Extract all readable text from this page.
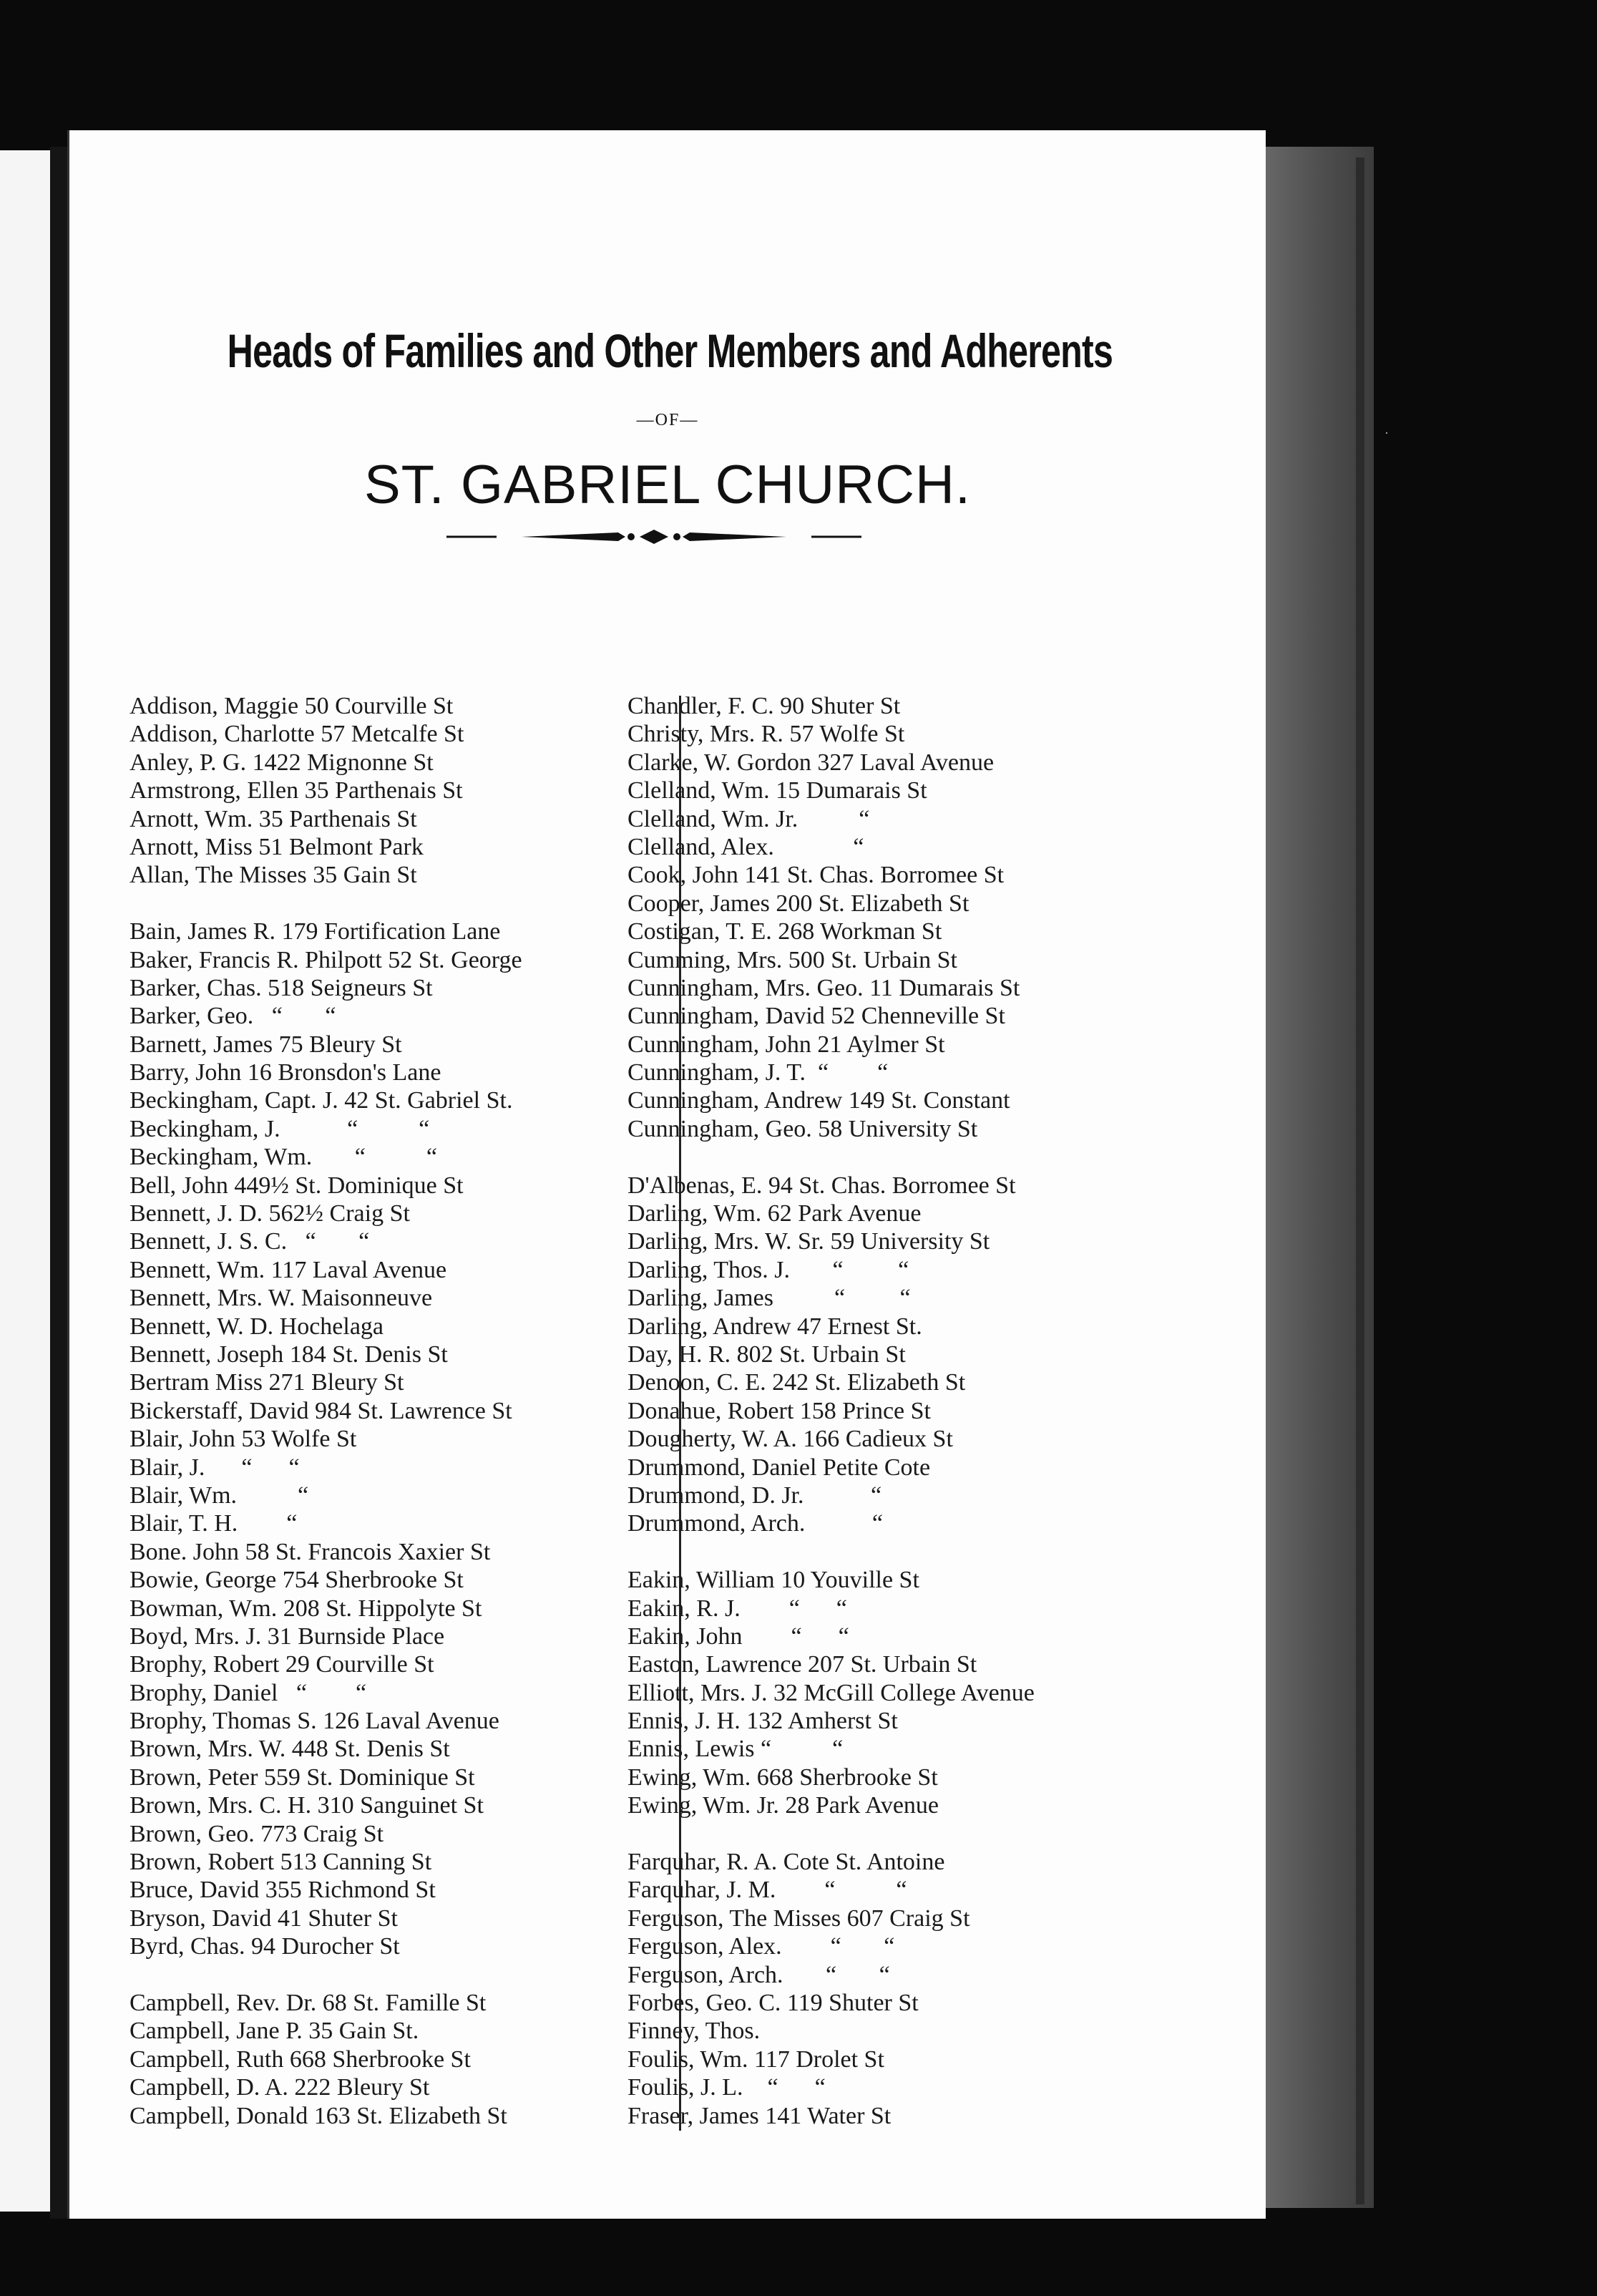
·
Heads of Families and Other Members and Adherents
—OF—
ST. GABRIEL CHURCH.
Addison, Maggie 50 Courville St
Addison, Charlotte 57 Metcalfe St
Anley, P. G. 1422 Mignonne St
Armstrong, Ellen 35 Parthenais St
Arnott, Wm. 35 Parthenais St
Arnott, Miss 51 Belmont Park
Allan, The Misses 35 Gain St
Bain, James R. 179 Fortification Lane
Baker, Francis R. Philpott 52 St. George
Barker, Chas. 518 Seigneurs St
Barker, Geo.   “       “
Barnett, James 75 Bleury St
Barry, John 16 Bronsdon's Lane
Beckingham, Capt. J. 42 St. Gabriel St.
Beckingham, J.           “          “
Beckingham, Wm.       “          “
Bell, John 449½ St. Dominique St
Bennett, J. D. 562½ Craig St
Bennett, J. S. C.   “       “
Bennett, Wm. 117 Laval Avenue
Bennett, Mrs. W. Maisonneuve
Bennett, W. D. Hochelaga
Bennett, Joseph 184 St. Denis St
Bertram Miss 271 Bleury St
Bickerstaff, David 984 St. Lawrence St
Blair, John 53 Wolfe St
Blair, J.      “      “
Blair, Wm.          “
Blair, T. H.        “
Bone. John 58 St. Francois Xaxier St
Bowie, George 754 Sherbrooke St
Bowman, Wm. 208 St. Hippolyte St
Boyd, Mrs. J. 31 Burnside Place
Brophy, Robert 29 Courville St
Brophy, Daniel   “        “
Brophy, Thomas S. 126 Laval Avenue
Brown, Mrs. W. 448 St. Denis St
Brown, Peter 559 St. Dominique St
Brown, Mrs. C. H. 310 Sanguinet St
Brown, Geo. 773 Craig St
Brown, Robert 513 Canning St
Bruce, David 355 Richmond St
Bryson, David 41 Shuter St
Byrd, Chas. 94 Durocher St
Campbell, Rev. Dr. 68 St. Famille St
Campbell, Jane P. 35 Gain St.
Campbell, Ruth 668 Sherbrooke St
Campbell, D. A. 222 Bleury St
Campbell, Donald 163 St. Elizabeth St
Chandler, F. C. 90 Shuter St
Christy, Mrs. R. 57 Wolfe St
Clarke, W. Gordon 327 Laval Avenue
Clelland, Wm. 15 Dumarais St
Clelland, Wm. Jr.          “
Clelland, Alex.             “
Cook, John 141 St. Chas. Borromee St
Cooper, James 200 St. Elizabeth St
Costigan, T. E. 268 Workman St
Cumming, Mrs. 500 St. Urbain St
Cunningham, Mrs. Geo. 11 Dumarais St
Cunningham, David 52 Chenneville St
Cunningham, John 21 Aylmer St
Cunningham, J. T.  “        “
Cunningham, Andrew 149 St. Constant
Cunningham, Geo. 58 University St
D'Albenas, E. 94 St. Chas. Borromee St
Darling, Wm. 62 Park Avenue
Darling, Mrs. W. Sr. 59 University St
Darling, Thos. J.       “         “
Darling, James          “         “
Darling, Andrew 47 Ernest St.
Day, H. R. 802 St. Urbain St
Denoon, C. E. 242 St. Elizabeth St
Donahue, Robert 158 Prince St
Dougherty, W. A. 166 Cadieux St
Drummond, Daniel Petite Cote
Drummond, D. Jr.           “
Drummond, Arch.           “
Eakin, William 10 Youville St
Eakin, R. J.        “      “
Eakin, John        “      “
Easton, Lawrence 207 St. Urbain St
Elliott, Mrs. J. 32 McGill College Avenue
Ennis, J. H. 132 Amherst St
Ennis, Lewis “          “
Ewing, Wm. 668 Sherbrooke St
Ewing, Wm. Jr. 28 Park Avenue
Farquhar, R. A. Cote St. Antoine
Farquhar, J. M.        “          “
Ferguson, The Misses 607 Craig St
Ferguson, Alex.        “       “
Ferguson, Arch.       “       “
Forbes, Geo. C. 119 Shuter St
Finney, Thos.
Foulis, Wm. 117 Drolet St
Foulis, J. L.    “      “
Fraser, James 141 Water St
